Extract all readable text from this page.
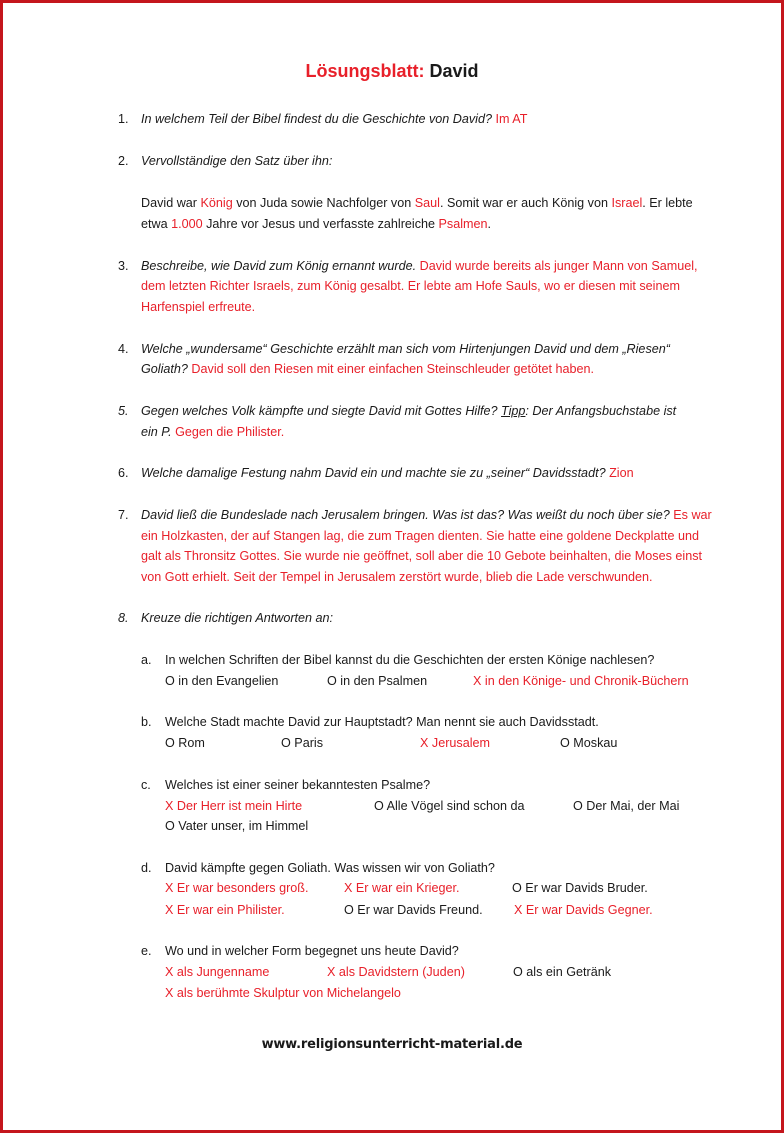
Lösungsblatt: David
1. In welchem Teil der Bibel findest du die Geschichte von David? Im AT
2. Vervollständige den Satz über ihn:
David war König von Juda sowie Nachfolger von Saul. Somit war er auch König von Israel. Er lebte
etwa 1.000 Jahre vor Jesus und verfasste zahlreiche Psalmen.
3. Beschreibe, wie David zum König ernannt wurde. David wurde bereits als junger Mann von Samuel,
dem letzten Richter Israels, zum König gesalbt. Er lebte am Hofe Sauls, wo er diesen mit seinem
Harfenspiel erfreute.
4. Welche „wundersame“ Geschichte erzählt man sich vom Hirtenjungen David und dem „Riesen“
Goliath? David soll den Riesen mit einer einfachen Steinschleuder getötet haben.
5. Gegen welches Volk kämpfte und siegte David mit Gottes Hilfe? Tipp: Der Anfangsbuchstabe ist
ein P. Gegen die Philister.
6. Welche damalige Festung nahm David ein und machte sie zu „seiner“ Davidsstadt? Zion
7. David ließ die Bundeslade nach Jerusalem bringen. Was ist das? Was weißt du noch über sie? Es war
ein Holzkasten, der auf Stangen lag, die zum Tragen dienten. Sie hatte eine goldene Deckplatte und
galt als Thronsitz Gottes. Sie wurde nie geöffnet, soll aber die 10 Gebote beinhalten, die Moses einst
von Gott erhielt. Seit der Tempel in Jerusalem zerstört wurde, blieb die Lade verschwunden.
8. Kreuze die richtigen Antworten an:
a. In welchen Schriften der Bibel kannst du die Geschichten der ersten Könige nachlesen?
O in den Evangelien	O in den Psalmen	X in den Könige- und Chronik-Büchern
b. Welche Stadt machte David zur Hauptstadt? Man nennt sie auch Davidsstadt.
O Rom	O Paris	X Jerusalem	O Moskau
c. Welches ist einer seiner bekanntesten Psalme?
X Der Herr ist mein Hirte	O Alle Vögel sind schon da	O Der Mai, der Mai
O Vater unser, im Himmel
d. David kämpfte gegen Goliath. Was wissen wir von Goliath?
X Er war besonders groß.	X Er war ein Krieger.	O Er war Davids Bruder.
X Er war ein Philister.	O Er war Davids Freund. X Er war Davids Gegner.
e. Wo und in welcher Form begegnet uns heute David?
X als Jungenname	X als Davidstern (Juden)	O als ein Getränk
X als berühmte Skulptur von Michelangelo
www.religionsunterricht-material.de
